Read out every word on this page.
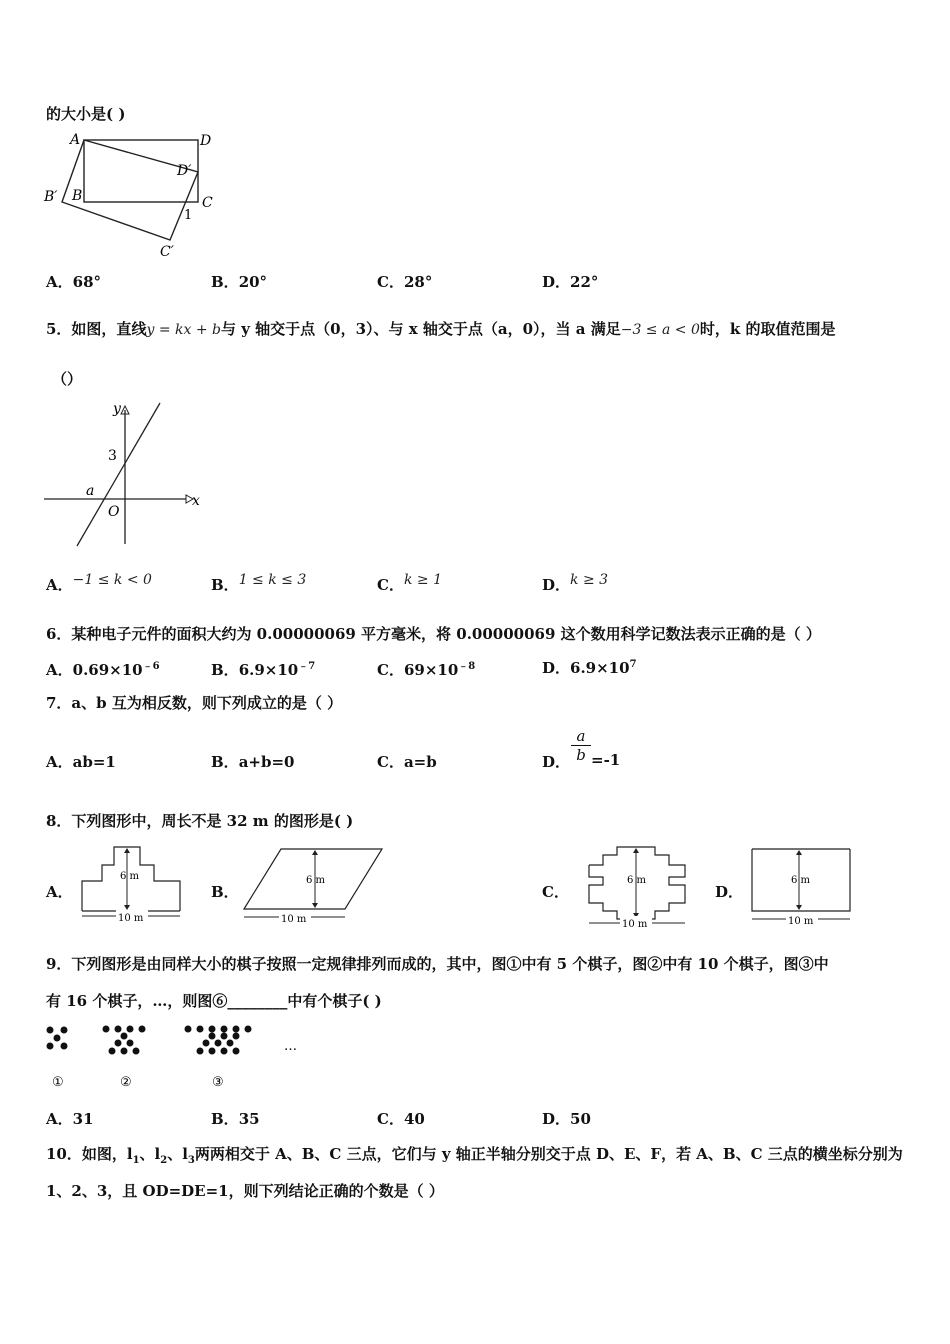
的大小是( )
A	D
D′
B′ B	C
1
C′
A．68°	B．20°	C．28°	D．22°
5．如图，直线𝑦 = 𝑘𝑥 + 𝑏与 y 轴交于点（0，3）、与 x 轴交于点（a，0），当 a 满足−3 ≤ 𝑎 < 0时，k 的取值范围是
（）
y
x
3
a
O
A．−1 ≤ 𝑘 < 0	B．1 ≤ 𝑘 ≤ 3	C．𝑘 ≥ 1	D．𝑘 ≥ 3
6．某种电子元件的面积大约为 0.00000069 平方毫米，将 0.00000069 这个数用科学记数法表示正确的是（ ）
A．$0.69\times 10^{﹣6}$	B．$6.9\times 10^{﹣7}$	C．$69\times 10^{﹣8}$	D．$6.9\times 10^7$
7．a、b 互为相反数，则下列成立的是（ ）
A．ab=1	B．a+b=0	C．a=b	D． $\frac{a}{b} =-1$
8．下列图形中，周长不是 32 m 的图形是( )
A．
6 m
10 m
B．
6 m
10 m
C．
6 m
10 m
D．
6 m
10 m
9．下列图形是由同样大小的棋子按照一定规律排列而成的，其中，图①中有 5 个棋子，图②中有 10 个棋子，图③中
有 16 个棋子，…，则图⑥________中有个棋子( )
…
①	②	③
A．31	B．35	C．40	D．50
10．如图，$l_1$、$l_2$、$l_3$两两相交于 A、B、C 三点，它们与 y 轴正半轴分别交于点 D、E、F，若 A、B、C 三点的横坐标分别为
1、2、3，且 OD=DE=1，则下列结论正确的个数是（ ）
